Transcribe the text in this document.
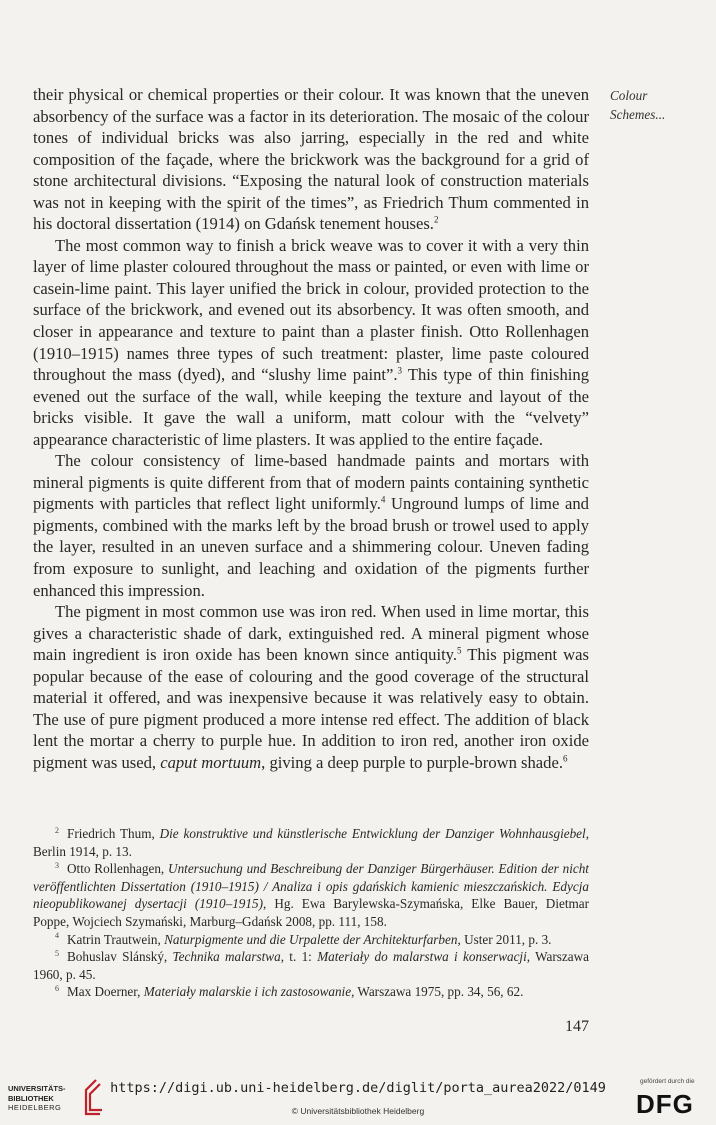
Colour
Schemes...

their physical or chemical properties or their colour. It was known that the uneven absorbency of the surface was a factor in its deterioration. The mosaic of the colour tones of individual bricks was also jarring, especially in the red and white composition of the façade, where the brickwork was the background for a grid of stone architectural divisions. “Exposing the natural look of construction materials was not in keeping with the spirit of the times”, as Friedrich Thum commented in his doctoral dissertation (1914) on Gdańsk tenement houses.$^2$

The most common way to finish a brick weave was to cover it with a very thin layer of lime plaster coloured throughout the mass or painted, or even with lime or casein-lime paint. This layer unified the brick in colour, provided protection to the surface of the brickwork, and evened out its absorbency. It was often smooth, and closer in appearance and texture to paint than a plaster finish. Otto Rollenhagen (1910–1915) names three types of such treatment: plaster, lime paste coloured throughout the mass (dyed), and “slushy lime paint”.$^3$ This type of thin finishing evened out the surface of the wall, while keeping the texture and layout of the bricks visible. It gave the wall a uniform, matt colour with the “velvety” appearance characteristic of lime plasters. It was applied to the entire façade.

The colour consistency of lime-based handmade paints and mortars with mineral pigments is quite different from that of modern paints containing synthetic pigments with particles that reflect light uniformly.$^4$ Unground lumps of lime and pigments, combined with the marks left by the broad brush or trowel used to apply the layer, resulted in an uneven surface and a shimmering colour. Uneven fading from exposure to sunlight, and leaching and oxidation of the pigments further enhanced this impression.

The pigment in most common use was iron red. When used in lime mortar, this gives a characteristic shade of dark, extinguished red. A mineral pigment whose main ingredient is iron oxide has been known since antiquity.$^5$ This pigment was popular because of the ease of colouring and the good coverage of the structural material it offered, and was inexpensive because it was relatively easy to obtain. The use of pure pigment produced a more intense red effect. The addition of black lent the mortar a cherry to purple hue. In addition to iron red, another iron oxide pigment was used, caput mortuum, giving a deep purple to purple-brown shade.$^6$

$^2$ Friedrich Thum, Die konstruktive und künstlerische Entwicklung der Danziger Wohnhausgiebel, Berlin 1914, p. 13.

$^3$ Otto Rollenhagen, Untersuchung und Beschreibung der Danziger Bürgerhäuser. Edition der nicht veröffentlichten Dissertation (1910–1915) / Analiza i opis gdańskich kamienic mieszczańskich. Edycja nieopublikowanej dysertacji (1910–1915), Hg. Ewa Barylewska-Szymańska, Elke Bauer, Dietmar Poppe, Wojciech Szymański, Marburg–Gdańsk 2008, pp. 111, 158.

$^4$ Katrin Trautwein, Naturpigmente und die Urpalette der Architekturfarben, Uster 2011, p. 3.

$^5$ Bohuslav Slánský, Technika malarstwa, t. 1: Materiały do malarstwa i konserwacji, Warszawa 1960, p. 45.

$^6$ Max Doerner, Materiały malarskie i ich zastosowanie, Warszawa 1975, pp. 34, 56, 62.

147
UNIVERSITÄTS-
BIBLIOTHEK
HEIDELBERG
https://digi.ub.uni-heidelberg.de/diglit/porta_aurea2022/0149
© Universitätsbibliothek Heidelberg
gefördert durch die
DFG
